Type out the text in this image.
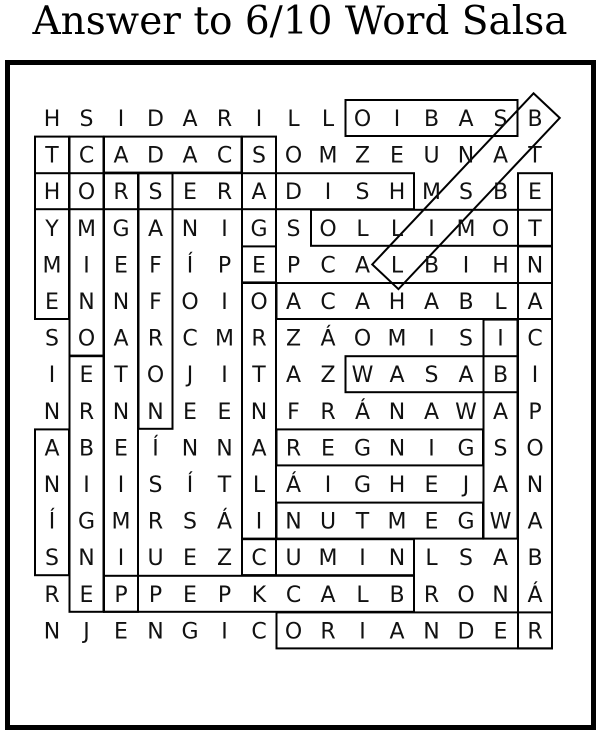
Answer to 6/10 Word Salsa
H S I D A R I L L O I B A S B
T C A D A C S O M Z E U N A T
H O R S E R A D I S H M S B E
Y M G A N I G S O L L I M O T
M I E F Í P E P C A L B I H N
E N N F O I O A C A H A B L A
S O A R C M R Z Á O M I S I C
I E T O J I T A Z W A S A B I
N R N N E E N F R Á N A W A P
A B E Í N N A R E G N I G S O
N I I S Í T L Á I G H E J A N
Í G M R S Á I N U T M E G W A
S N I U E Z C U M I N L S A B
R E P P E P K C A L B R O N Á
N J E N G I C O R I A N D E R
